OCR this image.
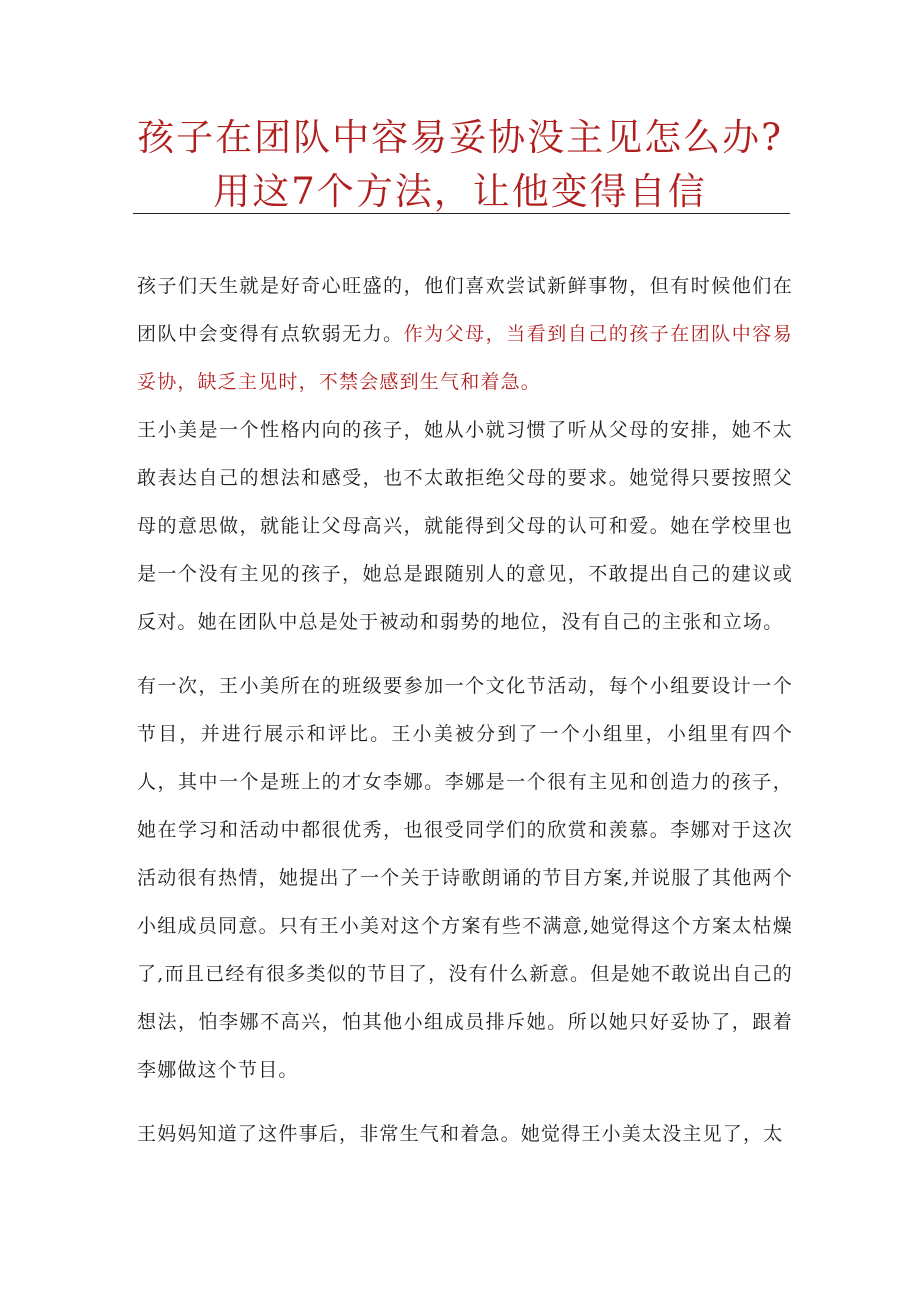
孩子在团队中容易妥协没主见怎么办?
用这7个方法，让他变得自信

孩子们天生就是好奇心旺盛的，他们喜欢尝试新鲜事物，但有时候他们在团队中会变得有点软弱无力。作为父母，当看到自己的孩子在团队中容易妥协，缺乏主见时，不禁会感到生气和着急。

王小美是一个性格内向的孩子，她从小就习惯了听从父母的安排，她不太敢表达自己的想法和感受，也不太敢拒绝父母的要求。她觉得只要按照父母的意思做，就能让父母高兴，就能得到父母的认可和爱。她在学校里也是一个没有主见的孩子，她总是跟随别人的意见，不敢提出自己的建议或反对。她在团队中总是处于被动和弱势的地位，没有自己的主张和立场。

有一次，王小美所在的班级要参加一个文化节活动，每个小组要设计一个节目，并进行展示和评比。王小美被分到了一个小组里，小组里有四个人，其中一个是班上的才女李娜。李娜是一个很有主见和创造力的孩子，她在学习和活动中都很优秀，也很受同学们的欣赏和羡慕。李娜对于这次活动很有热情，她提出了一个关于诗歌朗诵的节目方案,并说服了其他两个小组成员同意。只有王小美对这个方案有些不满意,她觉得这个方案太枯燥了,而且已经有很多类似的节目了，没有什么新意。但是她不敢说出自己的想法，怕李娜不高兴，怕其他小组成员排斥她。所以她只好妥协了，跟着李娜做这个节目。

王妈妈知道了这件事后，非常生气和着急。她觉得王小美太没主见了，太
